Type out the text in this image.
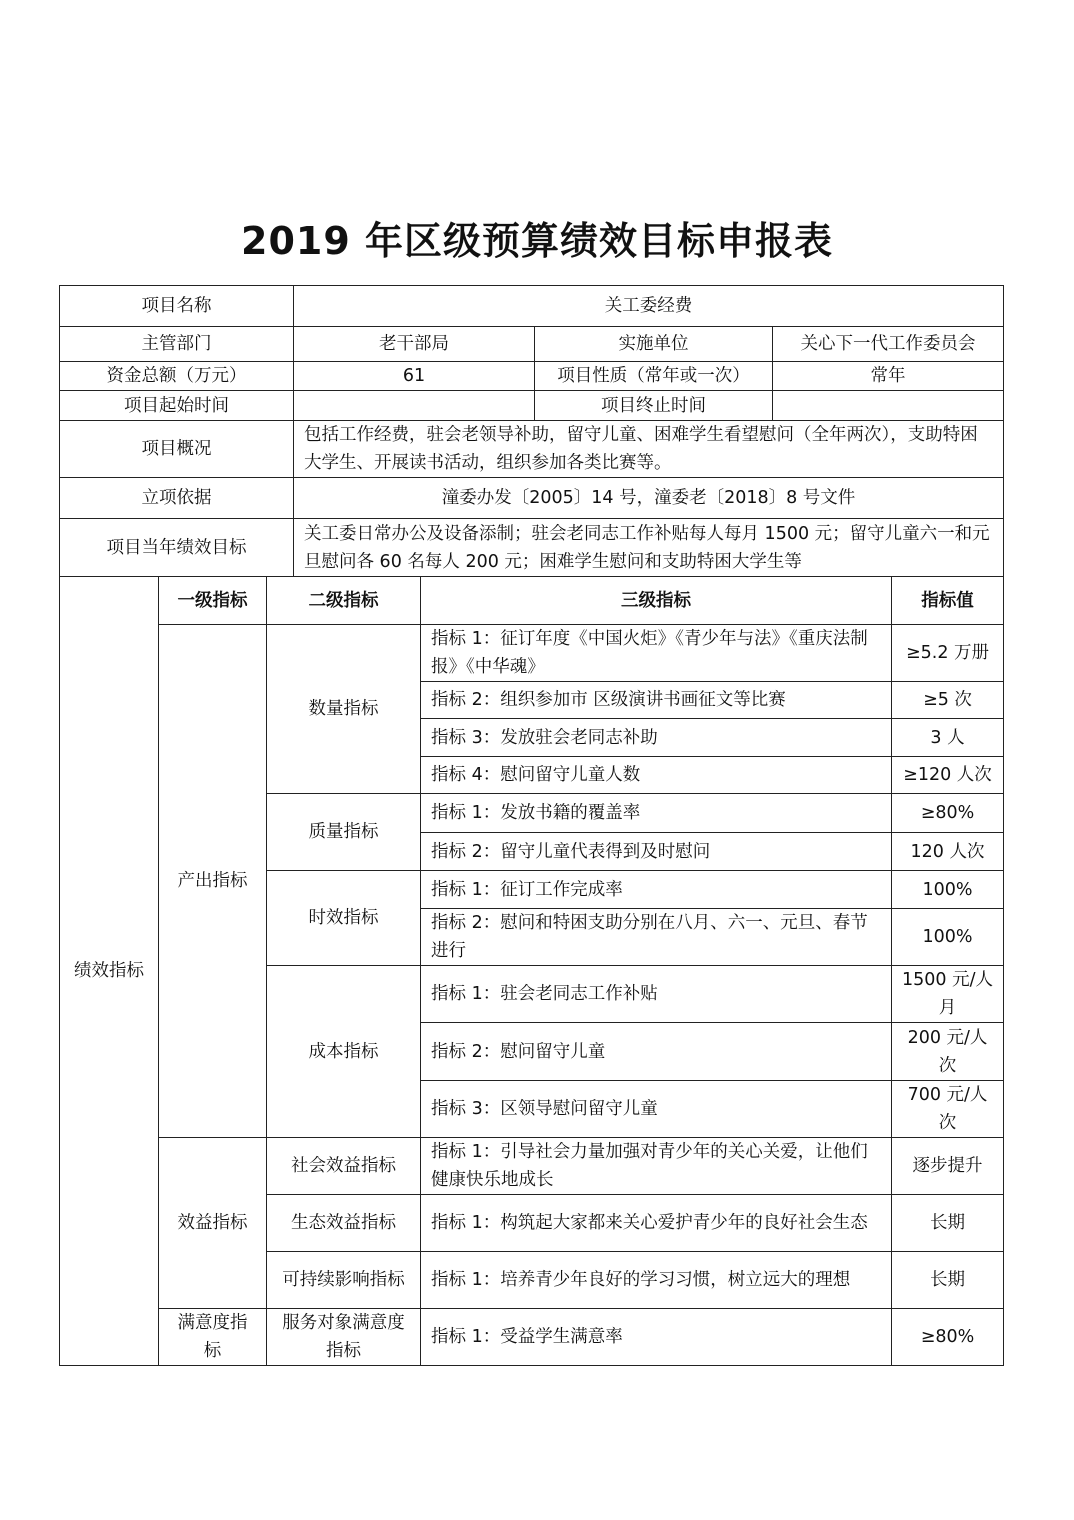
2019 年区级预算绩效目标申报表
项目名称	关工委经费		
主管部门	老干部局	实施单位	关心下一代工作委员会
资金总额（万元）	61	项目性质（常年或一次）	常年
项目起始时间		项目终止时间	
项目概况	包括工作经费，驻会老领导补助，留守儿童、困难学生看望慰问（全年两次），支助特困大学生、开展读书活动，组织参加各类比赛等。		
立项依据	潼委办发〔2005〕14 号，潼委老〔2018〕8 号文件		
项目当年绩效目标	关工委日常办公及设备添制；驻会老同志工作补贴每人每月 1500 元；留守儿童六一和元旦慰问各 60 名每人 200 元；困难学生慰问和支助特困大学生等		
绩效指标	一级指标	二级指标	三级指标	指标值
	产出指标	数量指标	指标 1：征订年度《中国火炬》《青少年与法》《重庆法制报》《中华魂》	≥5.2 万册
			指标 2：组织参加市 区级演讲书画征文等比赛	≥5 次
			指标 3：发放驻会老同志补助	3 人
			指标 4：慰问留守儿童人数	≥120 人次
		质量指标	指标 1：发放书籍的覆盖率	≥80%
			指标 2：留守儿童代表得到及时慰问	120 人次
		时效指标	指标 1：征订工作完成率	100%
			指标 2：慰问和特困支助分别在八月、六一、元旦、春节进行	100%
		成本指标	指标 1：驻会老同志工作补贴	1500 元/人月
			指标 2：慰问留守儿童	200 元/人次
			指标 3：区领导慰问留守儿童	700 元/人次
	效益指标	社会效益指标	指标 1：引导社会力量加强对青少年的关心关爱，让他们健康快乐地成长	逐步提升
		生态效益指标	指标 1：构筑起大家都来关心爱护青少年的良好社会生态	长期
		可持续影响指标	指标 1：培养青少年良好的学习习惯，树立远大的理想	长期
	满意度指标	服务对象满意度指标	指标 1：受益学生满意率	≥80%
